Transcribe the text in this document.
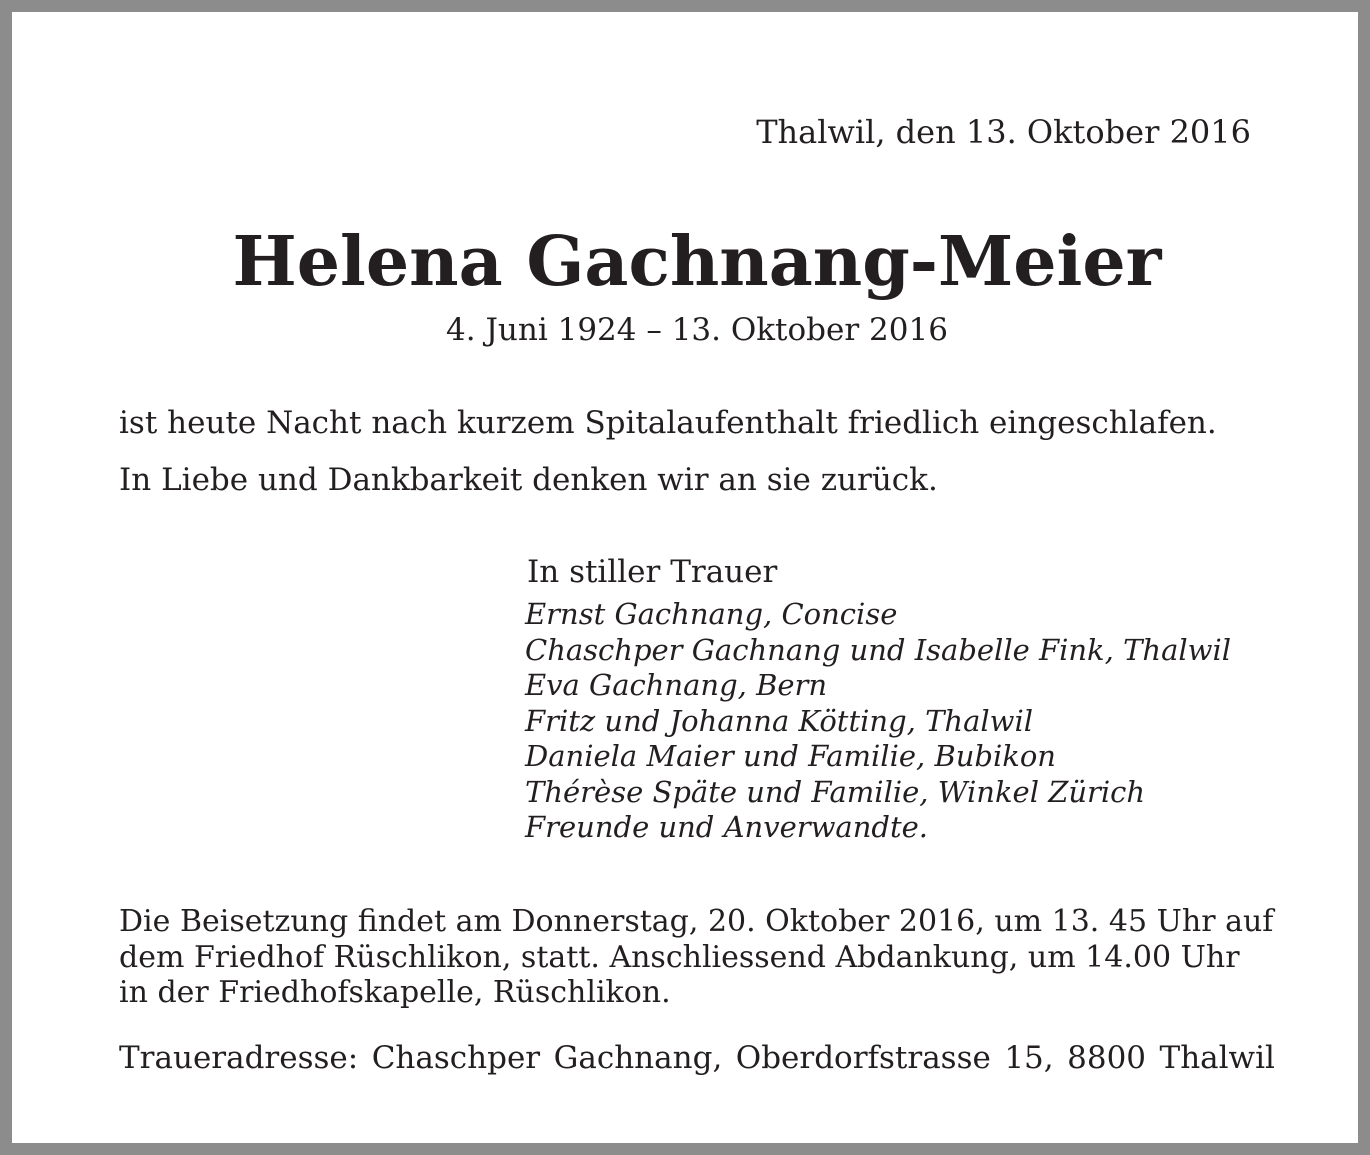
Thalwil, den 13. Oktober 2016
Helena Gachnang-Meier
4. Juni 1924 – 13. Oktober 2016

ist heute Nacht nach kurzem Spitalaufenthalt friedlich eingeschlafen.

In Liebe und Dankbarkeit denken wir an sie zurück.

In stiller Trauer
Ernst Gachnang, Concise
Chaschper Gachnang und Isabelle Fink, Thalwil
Eva Gachnang, Bern
Fritz und Johanna Kötting, Thalwil
Daniela Maier und Familie, Bubikon
Thérèse Späte und Familie, Winkel Zürich
Freunde und Anverwandte.
Die Beisetzung findet am Donnerstag, 20. Oktober 2016, um 13. 45 Uhr auf
dem Friedhof Rüschlikon, statt. Anschliessend Abdankung, um 14.00 Uhr
in der Friedhofskapelle, Rüschlikon.
Traueradresse: Chaschper Gachnang, Oberdorfstrasse 15, 8800 Thalwil
